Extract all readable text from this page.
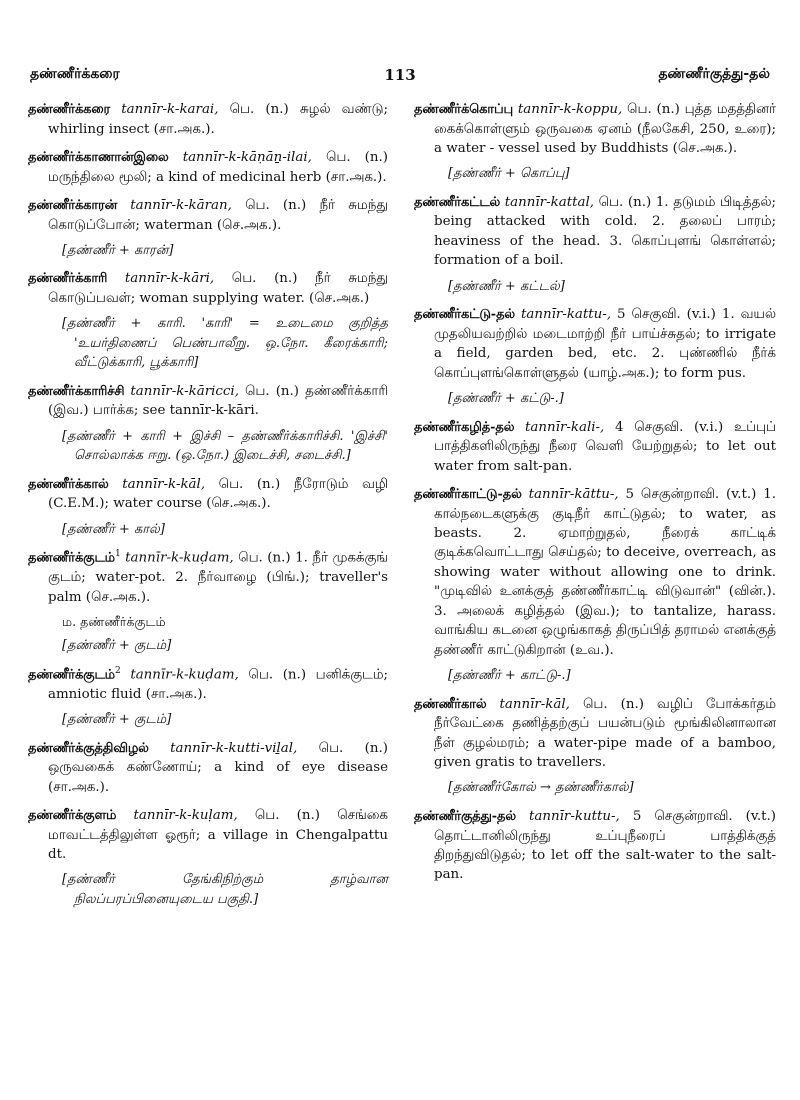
தண்ணீர்க்கரை	113	தண்ணீர்குத்து-தல்

தண்ணீர்க்கரை tannīr-k-karai, பெ. (n.) சுழல் வண்டு; whirling insect (சா.அக.).

தண்ணீர்க்காணான்இலை tannīr-k-kāṇāṉ-ilai, பெ. (n.) மருந்திலை மூலி; a kind of medicinal herb (சா.அக.).

தண்ணீர்க்காரன் tannīr-k-kāran, பெ. (n.) நீர் சுமந்து கொடுப்போன்; waterman (செ.அக.).

[தண்ணீர் + காரன்]

தண்ணீர்க்காரி tannīr-k-kāri, பெ. (n.) நீர் சுமந்து கொடுப்பவள்; woman supplying water. (செ.அக.)

[தண்ணீர் + காரி. 'காரி' = உடைமை குறித்த 'உயர்திணைப் பெண்பாலீறு. ஒ.நோ. கீரைக்காரி; வீட்டுக்காரி, பூக்காரி]

தண்ணீர்க்காரிச்சி tannīr-k-kāricci, பெ. (n.) தண்ணீர்க்காரி (இவ.) பார்க்க; see tannīr-k-kāri.

[தண்ணீர் + காரி + இச்சி – தண்ணீர்க்காரிச்சி. 'இச்சி' சொல்லாக்க ஈறு. (ஒ.நோ.) இடைச்சி, சடைச்சி.]

தண்ணீர்க்கால் tannīr-k-kāl, பெ. (n.) நீரோடும் வழி (C.E.M.); water course (செ.அக.).

[தண்ணீர் + கால்]

தண்ணீர்க்குடம்$^1$ tannīr-k-kuḍam, பெ. (n.) 1. நீர் முகக்குங் குடம்; water-pot. 2. நீர்வாழை (பிங்.); traveller's palm (செ.அக.).

ம. தண்ணீர்க்குடம்

[தண்ணீர் + குடம்]

தண்ணீர்க்குடம்$^2$ tannīr-k-kuḍam, பெ. (n.) பனிக்குடம்; amniotic fluid (சா.அக.).

[தண்ணீர் + குடம்]

தண்ணீர்க்குத்திவிழல் tannīr-k-kutti-viḻal, பெ. (n.) ஒருவகைக் கண்ணோய்; a kind of eye disease (சா.அக.).

தண்ணீர்க்குளம் tannīr-k-kuḷam, பெ. (n.) செங்கை மாவட்டத்திலுள்ள ஓரூர்; a village in Chengalpattu dt.

[தண்ணீர் தேங்கிநிற்கும் தாழ்வான நிலப்பரப்பினையுடைய பகுதி.]

தண்ணீர்க்கொப்பு tannīr-k-koppu, பெ. (n.) புத்த மதத்தினர் கைக்கொள்ளும் ஒருவகை ஏனம் (நீலகேசி, 250, உரை); a water - vessel used by Buddhists (செ.அக.).

[தண்ணீர் + கொப்பு]

தண்ணீர்கட்டல் tannīr-kattal, பெ. (n.) 1. தடுமம் பிடித்தல்; being attacked with cold. 2. தலைப் பாரம்; heaviness of the head. 3. கொப்புளங் கொள்ளல்; formation of a boil.

[தண்ணீர் + கட்டல்]

தண்ணீர்கட்டு-தல் tannīr-kattu-, 5 செகுவி. (v.i.) 1. வயல் முதலியவற்றில் மடைமாற்றி நீர் பாய்ச்சுதல்; to irrigate a field, garden bed, etc. 2. புண்ணில் நீர்க் கொப்புளங்கொள்ளுதல் (யாழ்.அக.); to form pus.

[தண்ணீர் + கட்டு-.]

தண்ணீர்கழித்-தல் tannīr-kali-, 4 செகுவி. (v.i.) உப்புப் பாத்திகளிலிருந்து நீரை வெளி யேற்றுதல்; to let out water from salt-pan.

தண்ணீர்காட்டு-தல் tannīr-kāttu-, 5 செகுன்றாவி. (v.t.) 1. கால்நடைகளுக்கு குடிநீர் காட்டுதல்; to water, as beasts. 2. ஏமாற்றுதல், நீரைக் காட்டிக் குடிக்கவொட்டாது செய்தல்; to deceive, overreach, as showing water without allowing one to drink. "முடிவில் உனக்குத் தண்ணீர்காட்டி விடுவான்" (வின்.). 3. அலைக் கழித்தல் (இவ.); to tantalize, harass. வாங்கிய கடனை ஒழுங்காகத் திருப்பித் தராமல் எனக்குத் தண்ணீர் காட்டுகிறான் (உவ.).

[தண்ணீர் + காட்டு-.]

தண்ணீர்கால் tannīr-kāl, பெ. (n.) வழிப் போக்கர்தம் நீர்வேட்கை தணித்தற்குப் பயன்படும் மூங்கிலினாலான நீள் குழல்மரம்; a water-pipe made of a bamboo, given gratis to travellers.

[தண்ணீர்கோல் → தண்ணீர்கால்]

தண்ணீர்குத்து-தல் tannīr-kuttu-, 5 செகுன்றாவி. (v.t.) தொட்டானிலிருந்து உப்புநீரைப் பாத்திக்குத் திறந்துவிடுதல்; to let off the salt-water to the salt-pan.
